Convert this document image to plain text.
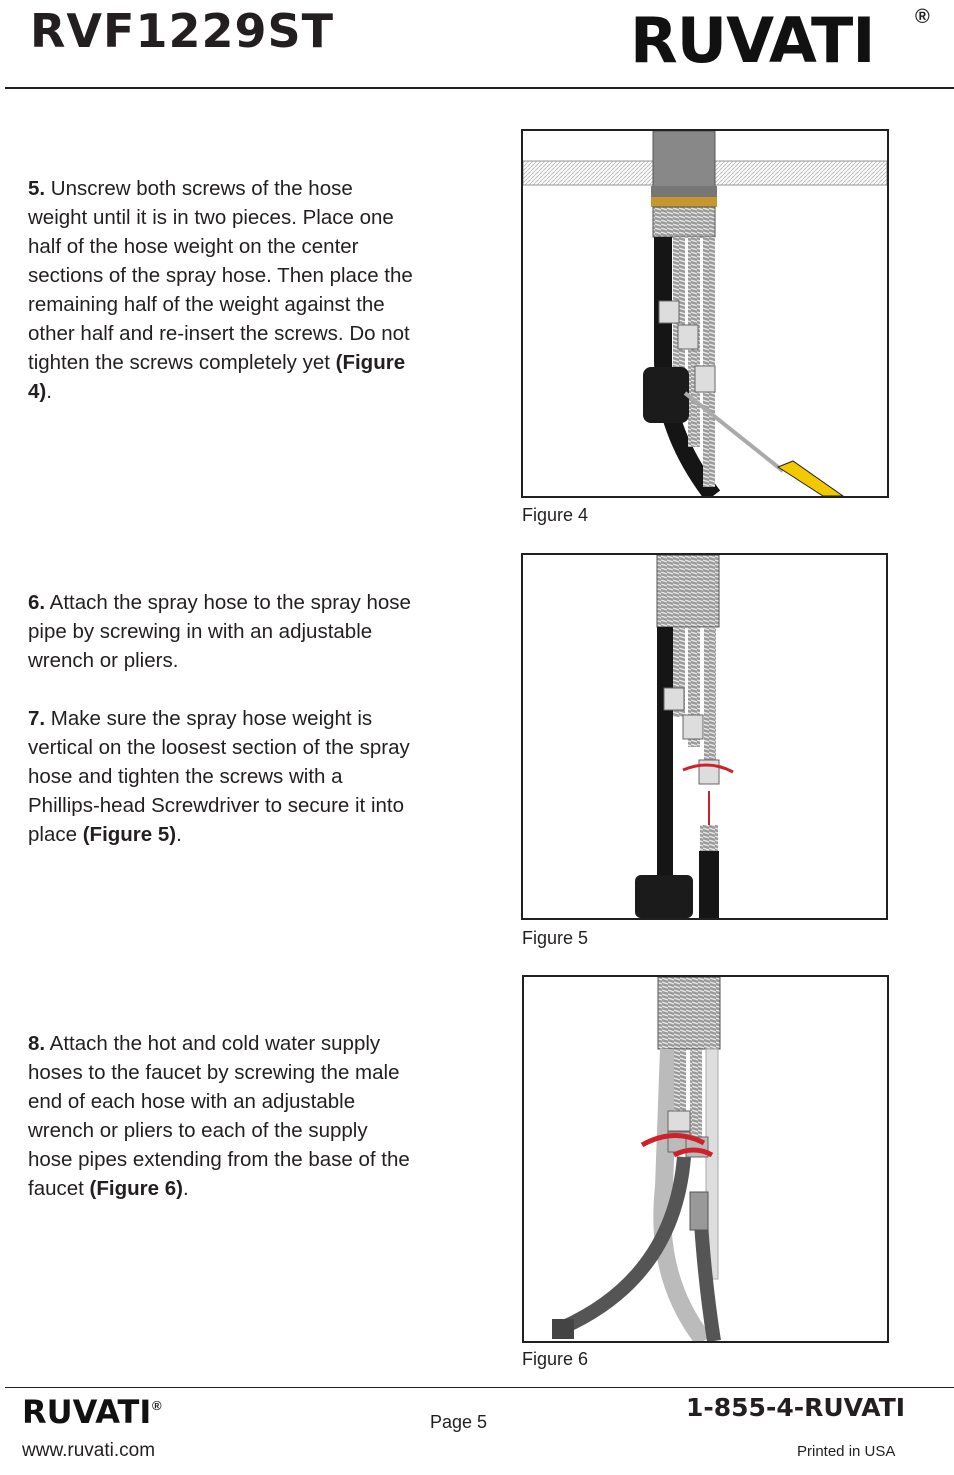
RVF1229ST	RUVATI ®
5. Unscrew both screws of the hose weight until it is in two pieces. Place one half of the hose weight on the center sections of the spray hose. Then place the remaining half of the weight against the other half and re-insert the screws. Do not tighten the screws completely yet (Figure 4).

6. Attach the spray hose to the spray hose pipe by screwing in with an adjustable wrench or pliers.

7. Make sure the spray hose weight is vertical on the loosest section of the spray hose and tighten the screws with a Phillips-head Screwdriver to secure it into place (Figure 5).

8. Attach the hot and cold water supply hoses to the faucet by screwing the male end of each hose with an adjustable wrench or pliers to each of the supply hose pipes extending from the base of the faucet (Figure 6).
Figure 4
Figure 5
Figure 6
RUVATI ®
www.ruvati.com
Page 5	1-855-4-RUVATI
Printed in USA
